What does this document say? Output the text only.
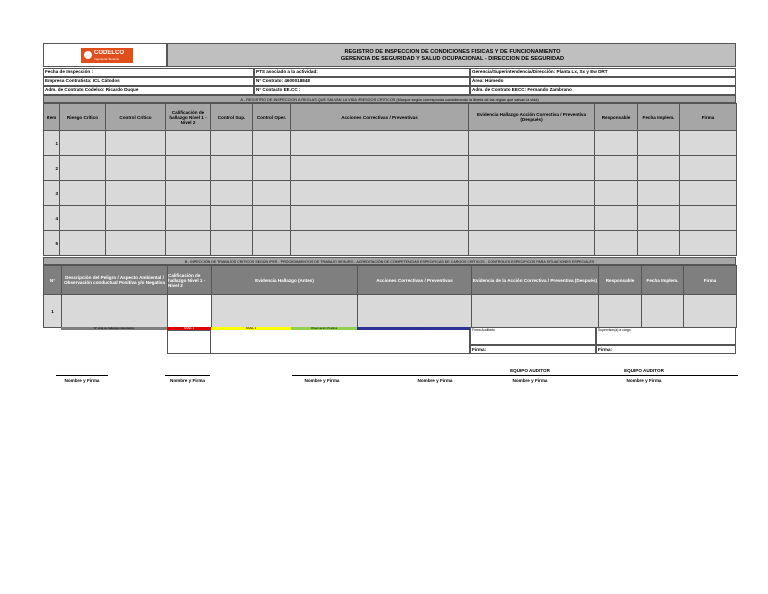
CODELCO
Ingeniería Teniente
REGISTRO DE INSPECCIÓN DE CONDICIONES FÍSICAS Y DE FUNCIONAMIENTO
GERENCIA DE SEGURIDAD Y SALUD OCUPACIONAL - DIRECCIÓN DE SEGURIDAD
Fecha de Inspección :	PTS asociado a la actividad:	Gerencia/Superintendencia/Dirección: Planta Lx, Sx y Ew DRT
Empresa Contratista: ICL Cátodos	N° Contrato: 4600018848	Área: Húmedo
Adm. de Contrato Codelco: Ricardo Duque	N° Contacto EE.CC :	Adm. de Contrato EECC: Fernando Zambrano
A.- REGISTRO DE INSPECCION A REGLAS QUE SALVAN LA VIDA /RIESGOS CRITICOS (Marque según corresponda considerando la libreta de las reglas que salvan la vida)
Item	Riesgo Crítico	Control Crítico	Calificación de hallazgo Nivel 1 - Nivel 2	Control Sup.	Control Oper.	Acciones Correctivas / Preventivas	Evidencia Hallazgo Acción Correctiva / Preventiva (Después)	Responsable	Fecha Implem.	Firma
1										
2										
3										
4										
5										
B.- INPECCIÓN DE TRABAJOS CRITICOS SEGÚN IPER - PROCEDIMIENTOS DE TRABAJO SEGURO - ACREDITACIÓN DE COMPETENCIAS ESPECIFICAS DE CARGOS CRÍTICOS - CONTROLES ESPECIFICOS PARA SITUACIONES ESPECIALES
N°	Descripción del Peligro / Aspecto Ambiental / Observación conductual Positiva y/o Negativa	Calificación de hallazgo Nivel 1 - Nivel 2	Evidencia Hallazgo (Antes)	Acciones Correctivas / Preventivas	Evidencia de la Acción Correctiva / Preventiva (Después)	Responsable	Fecha Implem.	Firma
1								
N° total de hallazgos detectados	NIVEL 1	NIVEL 2	Observación Positiva	Observación Negativa	Firma Auditado	Supervisor(a) a cargo
Firma:	Firma:
EQUIPO AUDITOR	EQUIPO AUDITOR
Nombre y Firma	Nombre y Firma	Nombre y Firma	Nombre y Firma	Nombre y Firma	Nombre y Firma
